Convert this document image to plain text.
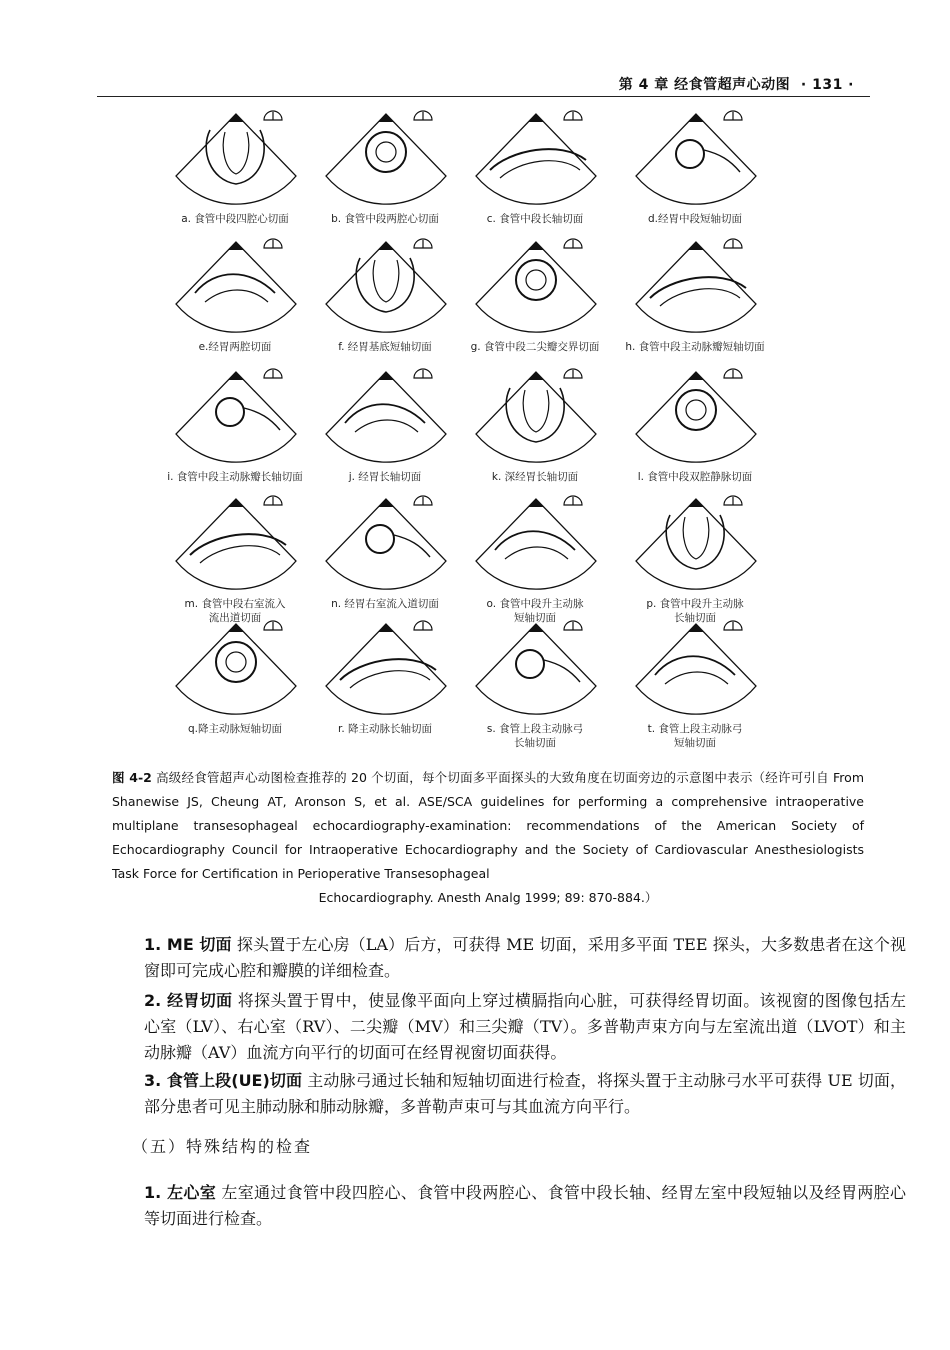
第 4 章 经食管超声心动图 · 131 ·
a. 食管中段四腔心切面	b. 食管中段两腔心切面	c. 食管中段长轴切面	d.经胃中段短轴切面
e.经胃两腔切面	f. 经胃基底短轴切面	g. 食管中段二尖瓣交界切面	h. 食管中段主动脉瓣短轴切面
i. 食管中段主动脉瓣长轴切面	j. 经胃长轴切面	k. 深经胃长轴切面	l. 食管中段双腔静脉切面
m. 食管中段右室流入
流出道切面
n. 经胃右室流入道切面	o. 食管中段升主动脉
短轴切面
p. 食管中段升主动脉
长轴切面
q.降主动脉短轴切面	r. 降主动脉长轴切面	s. 食管上段主动脉弓
长轴切面
t. 食管上段主动脉弓
短轴切面
图 4-2 高级经食管超声心动图检查推荐的 20 个切面，每个切面多平面探头的大致角度在切面旁边的示意图中表示（经许可引自 From Shanewise JS, Cheung AT, Aronson S, et al. ASE/SCA guidelines for performing a comprehensive intraoperative multiplane transesophageal echocardiography-examination: recommendations of the American Society of Echocardiography Council for Intraoperative Echocardiography and the Society of Cardiovascular Anesthesiologists Task Force for Certification in Perioperative Transesophageal
Echocardiography. Anesth Analg 1999; 89: 870-884.）
1. ME 切面 探头置于左心房（LA）后方，可获得 ME 切面，采用多平面 TEE 探头，大多数患者在这个视窗即可完成心腔和瓣膜的详细检查。
2. 经胃切面 将探头置于胃中，使显像平面向上穿过横膈指向心脏，可获得经胃切面。该视窗的图像包括左心室（LV）、右心室（RV）、二尖瓣（MV）和三尖瓣（TV）。多普勒声束方向与左室流出道（LVOT）和主动脉瓣（AV）血流方向平行的切面可在经胃视窗切面获得。
3. 食管上段(UE)切面 主动脉弓通过长轴和短轴切面进行检查，将探头置于主动脉弓水平可获得 UE 切面，部分患者可见主肺动脉和肺动脉瓣，多普勒声束可与其血流方向平行。
（五）特殊结构的检查
1. 左心室 左室通过食管中段四腔心、食管中段两腔心、食管中段长轴、经胃左室中段短轴以及经胃两腔心等切面进行检查。
